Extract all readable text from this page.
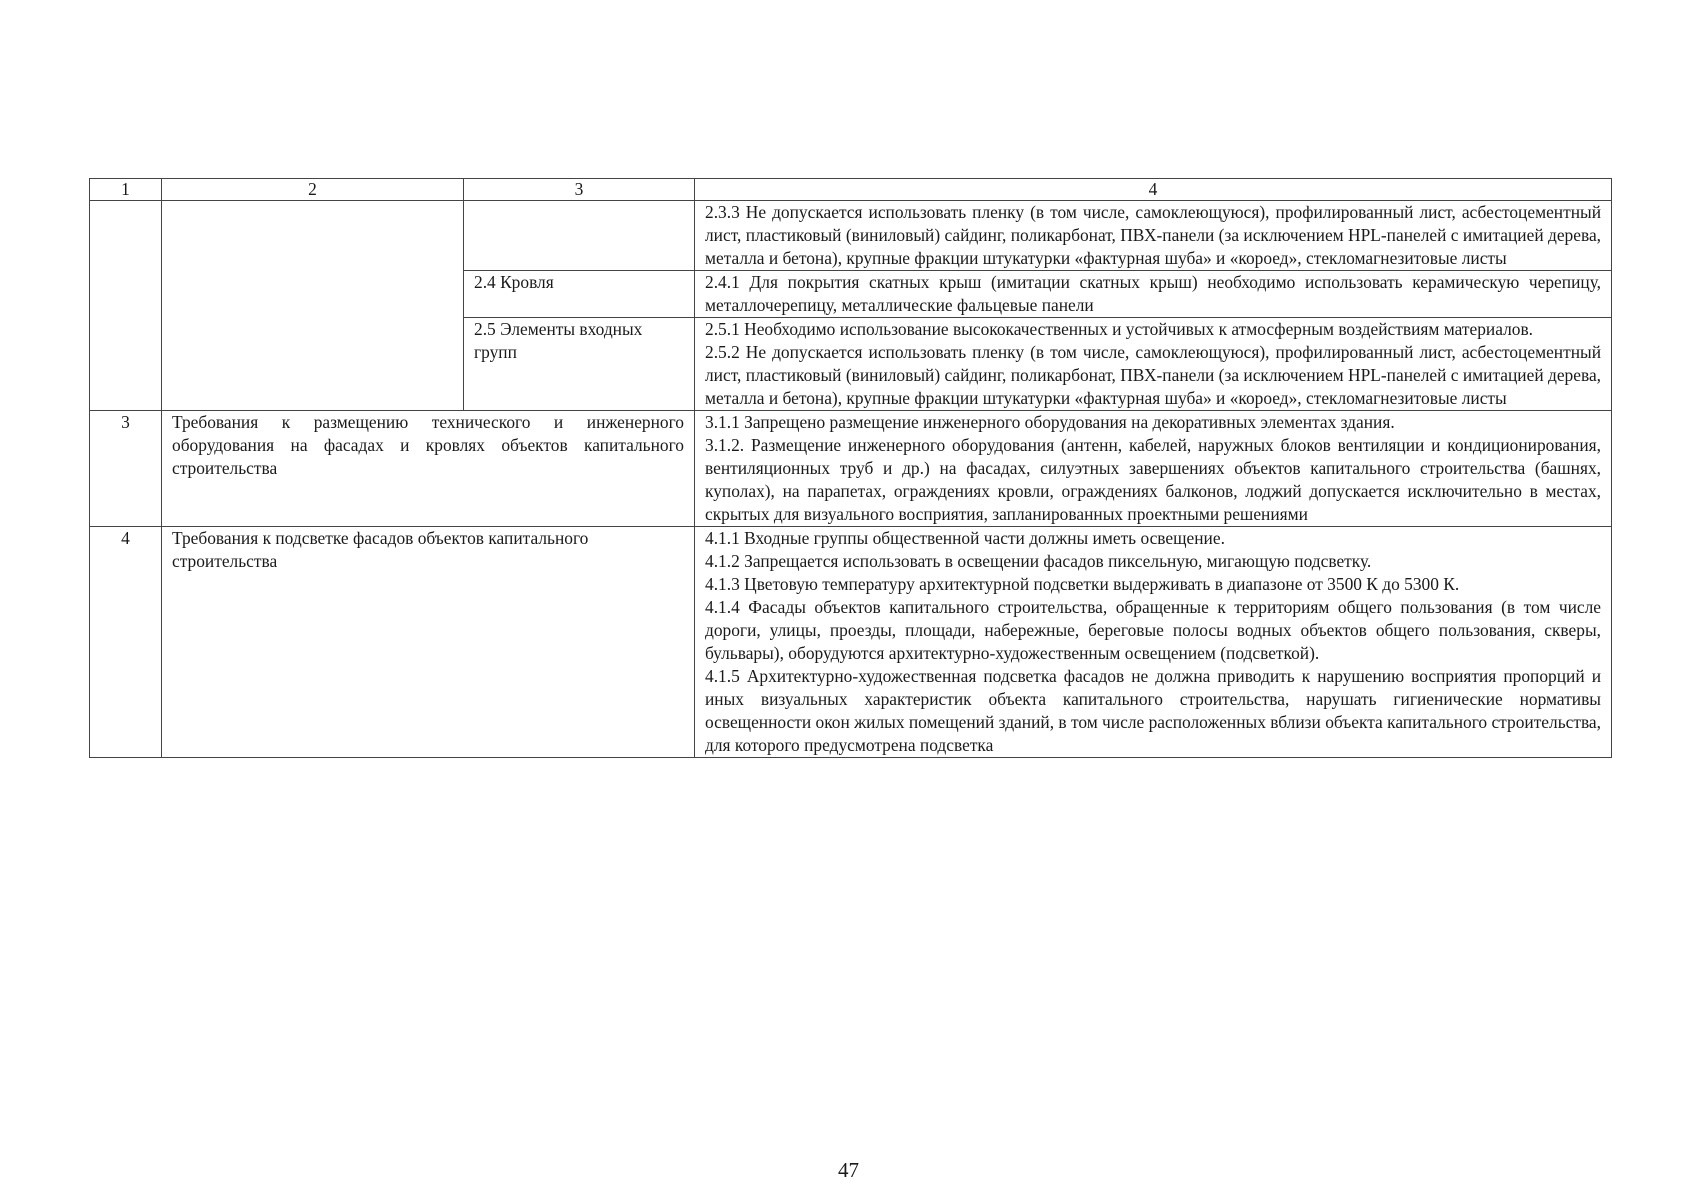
1	2	3	4

			2.3.3 Не допускается использовать пленку (в том числе, самоклеющуюся), профилированный лист, асбестоцементный лист, пластиковый (виниловый) сайдинг, поликарбонат, ПВХ-панели (за исключением HPL-панелей с имитацией дерева, металла и бетона), крупные фракции штукатурки «фактурная шуба» и «короед», стекломагнезитовые листы

		2.4 Кровля	2.4.1 Для покрытия скатных крыш (имитации скатных крыш) необходимо использовать керамическую черепицу, металлочерепицу, металлические фальцевые панели

		2.5 Элементы входных групп	2.5.1 Необходимо использование высококачественных и устойчивых к атмосферным воздействиям материалов.
2.5.2 Не допускается использовать пленку (в том числе, самоклеющуюся), профилированный лист, асбестоцементный лист, пластиковый (виниловый) сайдинг, поликарбонат, ПВХ-панели (за исключением HPL-панелей с имитацией дерева, металла и бетона), крупные фракции штукатурки «фактурная шуба» и «короед», стекломагнезитовые листы

3	Требования к размещению технического и инженерного оборудования на фасадах и кровлях объектов капитального строительства		3.1.1 Запрещено размещение инженерного оборудования на декоративных элементах здания.
3.1.2. Размещение инженерного оборудования (антенн, кабелей, наружных блоков вентиляции и кондиционирования, вентиляционных труб и др.) на фасадах, силуэтных завершениях объектов капитального строительства (башнях, куполах), на парапетах, ограждениях кровли, ограждениях балконов, лоджий допускается исключительно в местах, скрытых для визуального восприятия, запланированных проектными решениями

4	Требования к подсветке фасадов объектов капитального строительства		4.1.1 Входные группы общественной части должны иметь освещение.
4.1.2 Запрещается использовать в освещении фасадов пиксельную, мигающую подсветку.
4.1.3 Цветовую температуру архитектурной подсветки выдерживать в диапазоне от 3500 К до 5300 К.
4.1.4 Фасады объектов капитального строительства, обращенные к территориям общего пользования (в том числе дороги, улицы, проезды, площади, набережные, береговые полосы водных объектов общего пользования, скверы, бульвары), оборудуются архитектурно-художественным освещением (подсветкой).
4.1.5 Архитектурно-художественная подсветка фасадов не должна приводить к нарушению восприятия пропорций и иных визуальных характеристик объекта капитального строительства, нарушать гигиенические нормативы освещенности окон жилых помещений зданий, в том числе расположенных вблизи объекта капитального строительства, для которого предусмотрена подсветка
47
